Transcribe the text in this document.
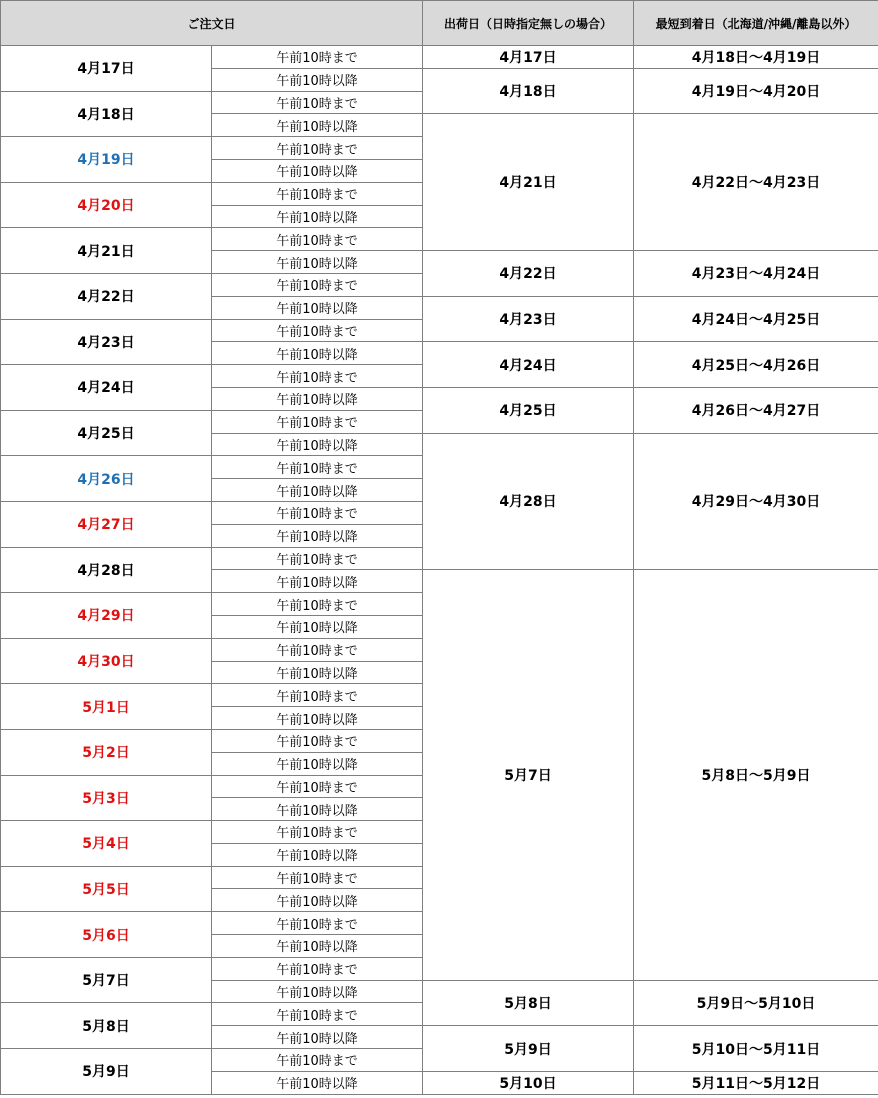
ご注文日		出荷日（日時指定無しの場合）	最短到着日（北海道/沖縄/離島以外）
4月17日	午前10時まで	4月17日	4月18日～4月19日
	午前10時以降	4月18日	4月19日～4月20日
4月18日	午前10時まで		
	午前10時以降	4月21日	4月22日～4月23日
4月19日	午前10時まで		
	午前10時以降		
4月20日	午前10時まで		
	午前10時以降		
4月21日	午前10時まで		
	午前10時以降	4月22日	4月23日～4月24日
4月22日	午前10時まで		
	午前10時以降	4月23日	4月24日～4月25日
4月23日	午前10時まで		
	午前10時以降	4月24日	4月25日～4月26日
4月24日	午前10時まで		
	午前10時以降	4月25日	4月26日～4月27日
4月25日	午前10時まで		
	午前10時以降	4月28日	4月29日～4月30日
4月26日	午前10時まで		
	午前10時以降		
4月27日	午前10時まで		
	午前10時以降		
4月28日	午前10時まで		
	午前10時以降	5月7日	5月8日～5月9日
4月29日	午前10時まで		
	午前10時以降		
4月30日	午前10時まで		
	午前10時以降		
5月1日	午前10時まで		
	午前10時以降		
5月2日	午前10時まで		
	午前10時以降		
5月3日	午前10時まで		
	午前10時以降		
5月4日	午前10時まで		
	午前10時以降		
5月5日	午前10時まで		
	午前10時以降		
5月6日	午前10時まで		
	午前10時以降		
5月7日	午前10時まで		
	午前10時以降	5月8日	5月9日～5月10日
5月8日	午前10時まで		
	午前10時以降	5月9日	5月10日～5月11日
5月9日	午前10時まで		
	午前10時以降	5月10日	5月11日～5月12日
